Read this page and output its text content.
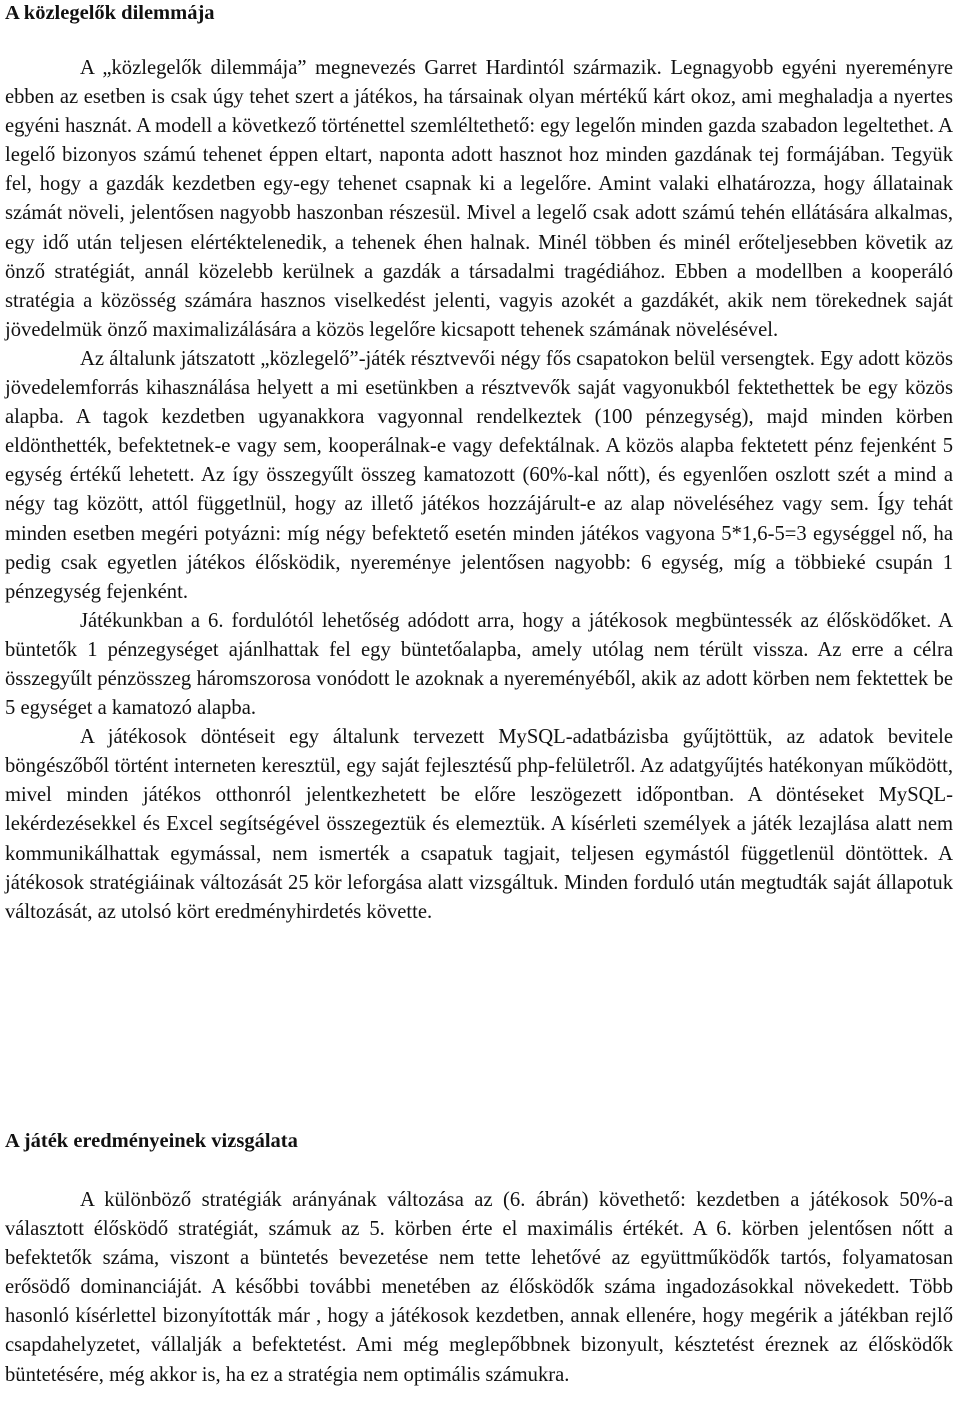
A közlegelők dilemmája

A „közlegelők dilemmája” megnevezés Garret Hardintól származik. Legnagyobb egyéni nyereményre ebben az esetben is csak úgy tehet szert a játékos, ha társainak olyan mértékű kárt okoz, ami meghaladja a nyertes egyéni hasznát. A modell a következő történettel szemléltethető: egy legelőn minden gazda szabadon legeltethet. A legelő bizonyos számú tehenet éppen eltart, naponta adott hasznot hoz minden gazdának tej formájában. Tegyük fel, hogy a gazdák kezdetben egy-egy tehenet csapnak ki a legelőre. Amint valaki elhatározza, hogy állatainak számát növeli, jelentősen nagyobb haszonban részesül. Mivel a legelő csak adott számú tehén ellátására alkalmas, egy idő után teljesen elértéktelenedik, a tehenek éhen halnak. Minél többen és minél erőteljesebben követik az önző stratégiát, annál közelebb kerülnek a gazdák a társadalmi tragédiához. Ebben a modellben a kooperáló stratégia a közösség számára hasznos viselkedést jelenti, vagyis azokét a gazdákét, akik nem törekednek saját jövedelmük önző maximalizálására a közös legelőre kicsapott tehenek számának növelésével.

Az általunk játszatott „közlegelő”-játék résztvevői négy fős csapatokon belül versengtek. Egy adott közös jövedelemforrás kihasználása helyett a mi esetünkben a résztvevők saját vagyonukból fektethettek be egy közös alapba. A tagok kezdetben ugyanakkora vagyonnal rendelkeztek (100 pénzegység), majd minden körben eldönthették, befektetnek-e vagy sem, kooperálnak-e vagy defektálnak. A közös alapba fektetett pénz fejenként 5 egység értékű lehetett. Az így összegyűlt összeg kamatozott (60%-kal nőtt), és egyenlően oszlott szét a mind a négy tag között, attól függetlnül, hogy az illető játékos hozzájárult-e az alap növeléséhez vagy sem. Így tehát minden esetben megéri potyázni: míg négy befektető esetén minden játékos vagyona 5*1,6-5=3 egységgel nő, ha pedig csak egyetlen játékos élősködik, nyereménye jelentősen nagyobb: 6 egység, míg a többieké csupán 1 pénzegység fejenként.

Játékunkban a 6. fordulótól lehetőség adódott arra, hogy a játékosok megbüntessék az élősködőket. A büntetők 1 pénzegységet ajánlhattak fel egy büntetőalapba, amely utólag nem térült vissza. Az erre a célra összegyűlt pénzösszeg háromszorosa vonódott le azoknak a nyereményéből, akik az adott körben nem fektettek be 5 egységet a kamatozó alapba.

A játékosok döntéseit egy általunk tervezett MySQL-adatbázisba gyűjtöttük, az adatok bevitele böngészőből történt interneten keresztül, egy saját fejlesztésű php-felületről. Az adatgyűjtés hatékonyan működött, mivel minden játékos otthonról jelentkezhetett be előre leszögezett időpontban. A döntéseket MySQL-lekérdezésekkel és Excel segítségével összegeztük és elemeztük. A kísérleti személyek a játék lezajlása alatt nem kommunikálhattak egymással, nem ismerték a csapatuk tagjait, teljesen egymástól függetlenül döntöttek. A játékosok stratégiáinak változását 25 kör leforgása alatt vizsgáltuk. Minden forduló után megtudták saját állapotuk változását, az utolsó kört eredményhirdetés követte.

A játék eredményeinek vizsgálata

A különböző stratégiák arányának változása az (6. ábrán) követhető: kezdetben a játékosok 50%-a választott élősködő stratégiát, számuk az 5. körben érte el maximális értékét. A 6. körben jelentősen nőtt a befektetők száma, viszont a büntetés bevezetése nem tette lehetővé az együttműködők tartós, folyamatosan erősödő dominanciáját. A későbbi további menetében az élősködők száma ingadozásokkal növekedett. Több hasonló kísérlettel bizonyították már , hogy a játékosok kezdetben, annak ellenére, hogy megérik a játékban rejlő csapdahelyzetet, vállalják a befektetést. Ami még meglepőbbnek bizonyult, késztetést éreznek az élősködők büntetésére, még akkor is, ha ez a stratégia nem optimális számukra.
